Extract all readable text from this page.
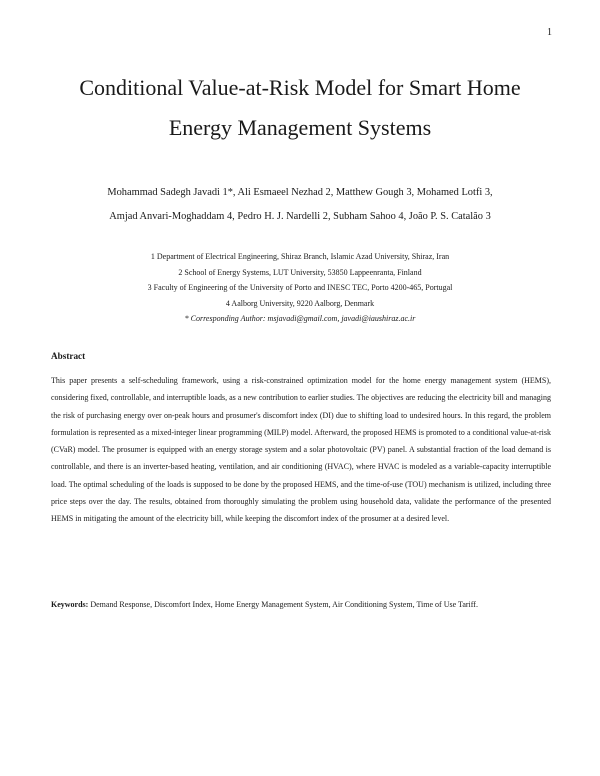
1
Conditional Value-at-Risk Model for Smart Home
Energy Management Systems
Mohammad Sadegh Javadi 1*, Ali Esmaeel Nezhad 2, Matthew Gough 3, Mohamed Lotfi 3,
Amjad Anvari-Moghaddam 4, Pedro H. J. Nardelli 2, Subham Sahoo 4, João P. S. Catalão 3
1 Department of Electrical Engineering, Shiraz Branch, Islamic Azad University, Shiraz, Iran
2 School of Energy Systems, LUT University, 53850 Lappeenranta, Finland
3 Faculty of Engineering of the University of Porto and INESC TEC, Porto 4200-465, Portugal
4 Aalborg University, 9220 Aalborg, Denmark
* Corresponding Author: msjavadi@gmail.com, javadi@iaushiraz.ac.ir
Abstract

This paper presents a self-scheduling framework, using a risk-constrained optimization model for the home energy management system (HEMS), considering fixed, controllable, and interruptible loads, as a new contribution to earlier studies. The objectives are reducing the electricity bill and managing the risk of purchasing energy over on-peak hours and prosumer's discomfort index (DI) due to shifting load to undesired hours. In this regard, the problem formulation is represented as a mixed-integer linear programming (MILP) model. Afterward, the proposed HEMS is promoted to a conditional value-at-risk (CVaR) model. The prosumer is equipped with an energy storage system and a solar photovoltaic (PV) panel. A substantial fraction of the load demand is controllable, and there is an inverter-based heating, ventilation, and air conditioning (HVAC), where HVAC is modeled as a variable-capacity interruptible load. The optimal scheduling of the loads is supposed to be done by the proposed HEMS, and the time-of-use (TOU) mechanism is utilized, including three price steps over the day. The results, obtained from thoroughly simulating the problem using household data, validate the performance of the presented HEMS in mitigating the amount of the electricity bill, while keeping the discomfort index of the prosumer at a desired level.

Keywords: Demand Response, Discomfort Index, Home Energy Management System, Air Conditioning System, Time of Use Tariff.
